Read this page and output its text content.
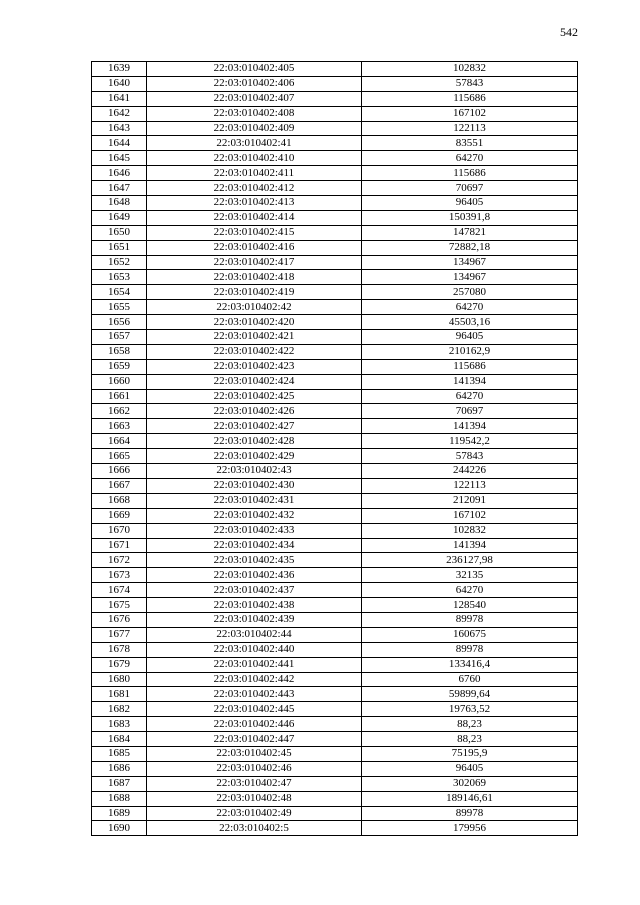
542
1639	22:03:010402:405	102832
1640	22:03:010402:406	57843
1641	22:03:010402:407	115686
1642	22:03:010402:408	167102
1643	22:03:010402:409	122113
1644	22:03:010402:41	83551
1645	22:03:010402:410	64270
1646	22:03:010402:411	115686
1647	22:03:010402:412	70697
1648	22:03:010402:413	96405
1649	22:03:010402:414	150391,8
1650	22:03:010402:415	147821
1651	22:03:010402:416	72882,18
1652	22:03:010402:417	134967
1653	22:03:010402:418	134967
1654	22:03:010402:419	257080
1655	22:03:010402:42	64270
1656	22:03:010402:420	45503,16
1657	22:03:010402:421	96405
1658	22:03:010402:422	210162,9
1659	22:03:010402:423	115686
1660	22:03:010402:424	141394
1661	22:03:010402:425	64270
1662	22:03:010402:426	70697
1663	22:03:010402:427	141394
1664	22:03:010402:428	119542,2
1665	22:03:010402:429	57843
1666	22:03:010402:43	244226
1667	22:03:010402:430	122113
1668	22:03:010402:431	212091
1669	22:03:010402:432	167102
1670	22:03:010402:433	102832
1671	22:03:010402:434	141394
1672	22:03:010402:435	236127,98
1673	22:03:010402:436	32135
1674	22:03:010402:437	64270
1675	22:03:010402:438	128540
1676	22:03:010402:439	89978
1677	22:03:010402:44	160675
1678	22:03:010402:440	89978
1679	22:03:010402:441	133416,4
1680	22:03:010402:442	6760
1681	22:03:010402:443	59899,64
1682	22:03:010402:445	19763,52
1683	22:03:010402:446	88,23
1684	22:03:010402:447	88,23
1685	22:03:010402:45	75195,9
1686	22:03:010402:46	96405
1687	22:03:010402:47	302069
1688	22:03:010402:48	189146,61
1689	22:03:010402:49	89978
1690	22:03:010402:5	179956
